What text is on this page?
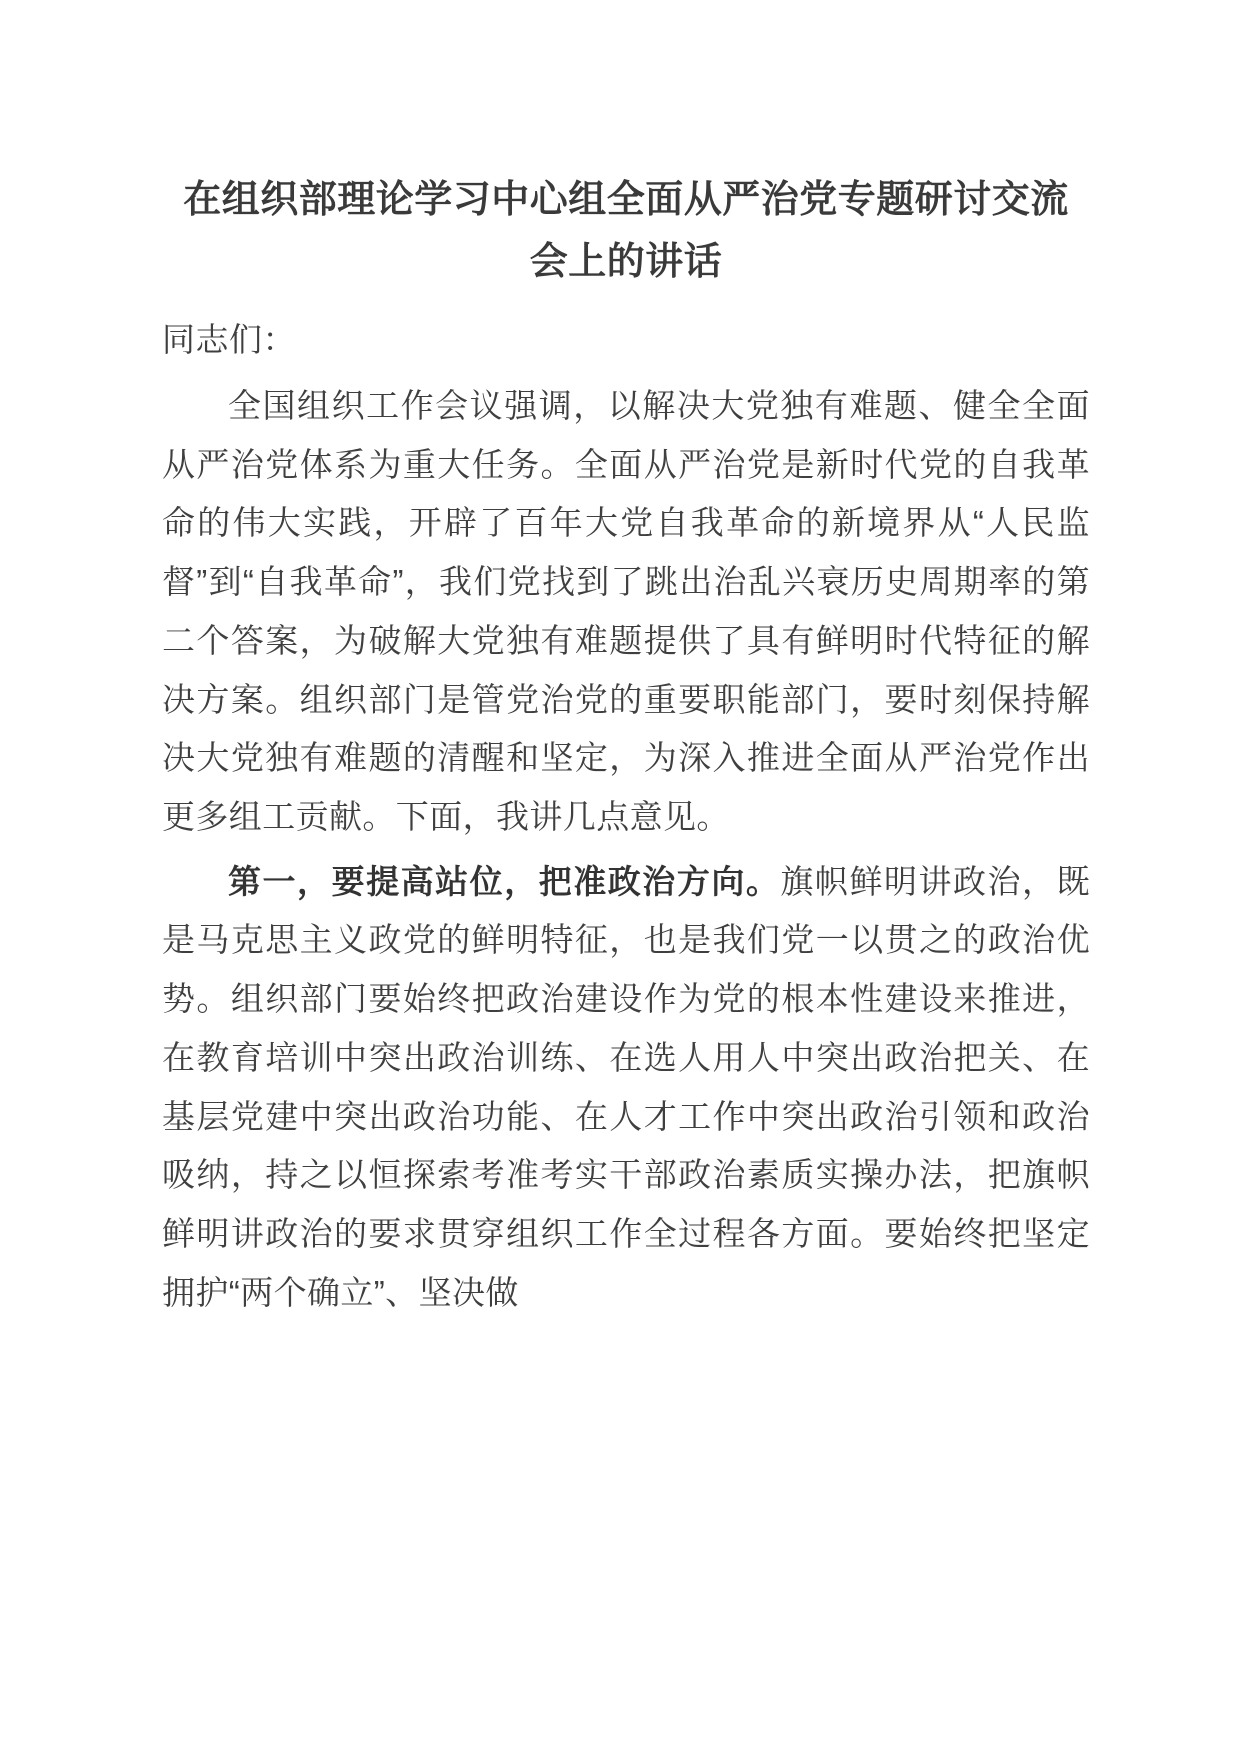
在组织部理论学习中心组全面从严治党专题研讨交流会上的讲话

同志们：

全国组织工作会议强调，以解决大党独有难题、健全全面从严治党体系为重大任务。全面从严治党是新时代党的自我革命的伟大实践，开辟了百年大党自我革命的新境界从“人民监督”到“自我革命”，我们党找到了跳出治乱兴衰历史周期率的第二个答案，为破解大党独有难题提供了具有鲜明时代特征的解决方案。组织部门是管党治党的重要职能部门，要时刻保持解决大党独有难题的清醒和坚定，为深入推进全面从严治党作出更多组工贡献。下面，我讲几点意见。

第一，要提高站位，把准政治方向。旗帜鲜明讲政治，既是马克思主义政党的鲜明特征，也是我们党一以贯之的政治优势。组织部门要始终把政治建设作为党的根本性建设来推进，在教育培训中突出政治训练、在选人用人中突出政治把关、在基层党建中突出政治功能、在人才工作中突出政治引领和政治吸纳，持之以恒探索考准考实干部政治素质实操办法，把旗帜鲜明讲政治的要求贯穿组织工作全过程各方面。要始终把坚定拥护“两个确立”、坚决做
